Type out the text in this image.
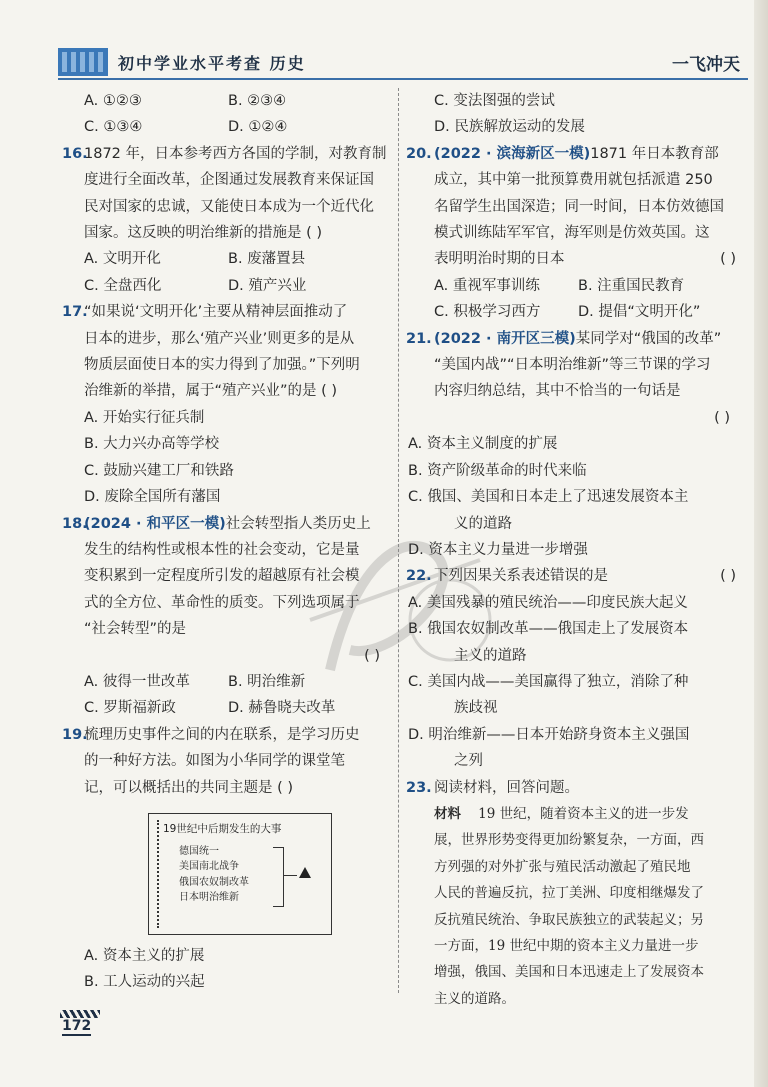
初中学业水平考查 历史	一飞冲天
A. ①②③	B. ②③④
C. ①③④	D. ①②④
16.
1872 年，日本参考西方各国的学制，对教育制
度进行全面改革，企图通过发展教育来保证国
民对国家的忠诚，又能使日本成为一个近代化
国家。这反映的明治维新的措施是 ( )
A. 文明开化	B. 废藩置县
C. 全盘西化	D. 殖产兴业
17.
“如果说‘文明开化’主要从精神层面推动了
日本的进步，那么‘殖产兴业’则更多的是从
物质层面使日本的实力得到了加强。”下列明
治维新的举措，属于“殖产兴业”的是 ( )
A. 开始实行征兵制
B. 大力兴办高等学校
C. 鼓励兴建工厂和铁路
D. 废除全国所有藩国
18.
(2024 · 和平区一模)社会转型指人类历史上
发生的结构性或根本性的社会变动，它是量
变积累到一定程度所引发的超越原有社会模
式的全方位、革命性的质变。下列选项属于
“社会转型”的是
( )
A. 彼得一世改革	B. 明治维新
C. 罗斯福新政	D. 赫鲁晓夫改革
19.
梳理历史事件之间的内在联系，是学习历史
的一种好方法。如图为小华同学的课堂笔
记，可以概括出的共同主题是 ( )
19世纪中后期发生的大事
德国统一
美国南北战争
俄国农奴制改革
日本明治维新
A. 资本主义的扩展
B. 工人运动的兴起
C. 变法图强的尝试
D. 民族解放运动的发展
20. (2022 · 滨海新区一模)1871 年日本教育部
成立，其中第一批预算费用就包括派遣 250
名留学生出国深造；同一时间，日本仿效德国
模式训练陆军军官，海军则是仿效英国。这
表明明治时期的日本	( )
A. 重视军事训练	B. 注重国民教育
C. 积极学习西方	D. 提倡“文明开化”
21. (2022 · 南开区三模)某同学对“俄国的改革”
“美国内战”“日本明治维新”等三节课的学习
内容归纳总结，其中不恰当的一句话是
( )
A. 资本主义制度的扩展
B. 资产阶级革命的时代来临
C. 俄国、美国和日本走上了迅速发展资本主
义的道路
D. 资本主义力量进一步增强
22. 下列因果关系表述错误的是	( )
A. 美国残暴的殖民统治——印度民族大起义
B. 俄国农奴制改革——俄国走上了发展资本
主义的道路
C. 美国内战——美国赢得了独立，消除了种
族歧视
D. 明治维新——日本开始跻身资本主义强国
之列
23. 阅读材料，回答问题。
材料 19 世纪，随着资本主义的进一步发
展，世界形势变得更加纷繁复杂，一方面，西
方列强的对外扩张与殖民活动激起了殖民地
人民的普遍反抗，拉丁美洲、印度相继爆发了
反抗殖民统治、争取民族独立的武装起义；另
一方面，19 世纪中期的资本主义力量进一步
增强，俄国、美国和日本迅速走上了发展资本
主义的道路。
172
